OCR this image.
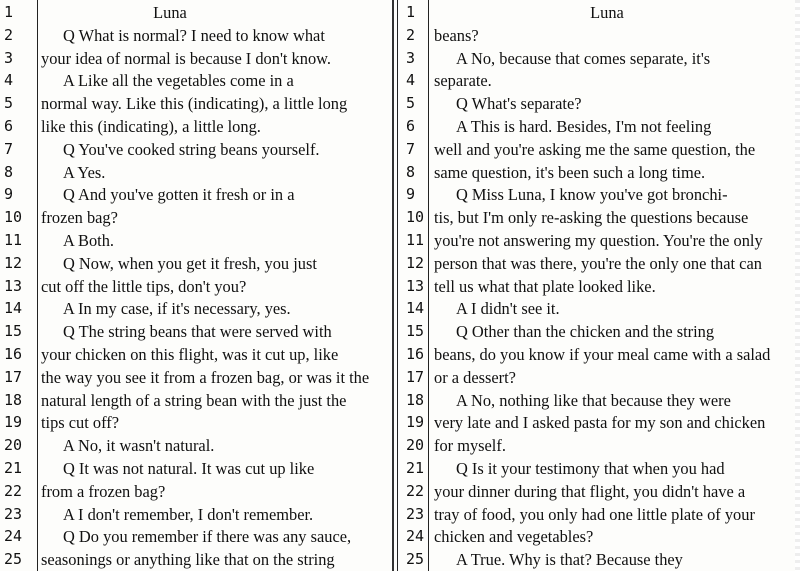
1	Luna
2	Q What is normal? I need to know what
3	your idea of normal is because I don't know.
4	A Like all the vegetables come in a
5	normal way. Like this (indicating), a little long
6	like this (indicating), a little long.
7	Q You've cooked string beans yourself.
8	A Yes.
9	Q And you've gotten it fresh or in a
10	frozen bag?
11	A Both.
12	Q Now, when you get it fresh, you just
13	cut off the little tips, don't you?
14	A In my case, if it's necessary, yes.
15	Q The string beans that were served with
16	your chicken on this flight, was it cut up, like
17	the way you see it from a frozen bag, or was it the
18	natural length of a string bean with the just the
19	tips cut off?
20	A No, it wasn't natural.
21	Q It was not natural. It was cut up like
22	from a frozen bag?
23	A I don't remember, I don't remember.
24	Q Do you remember if there was any sauce,
25	seasonings or anything like that on the string
1	Luna
2	beans?
3	A No, because that comes separate, it's
4	separate.
5	Q What's separate?
6	A This is hard. Besides, I'm not feeling
7	well and you're asking me the same question, the
8	same question, it's been such a long time.
9	Q Miss Luna, I know you've got bronchi-
10 tis, but I'm only re-asking the questions because
11 you're not answering my question. You're the only
12 person that was there, you're the only one that can
13 tell us what that plate looked like.
14	A I didn't see it.
15	Q Other than the chicken and the string
16 beans, do you know if your meal came with a salad
17 or a dessert?
18	A No, nothing like that because they were
19 very late and I asked pasta for my son and chicken
20 for myself.
21	Q Is it your testimony that when you had
22 your dinner during that flight, you didn't have a
23 tray of food, you only had one little plate of your
24 chicken and vegetables?
25	A True. Why is that? Because they
